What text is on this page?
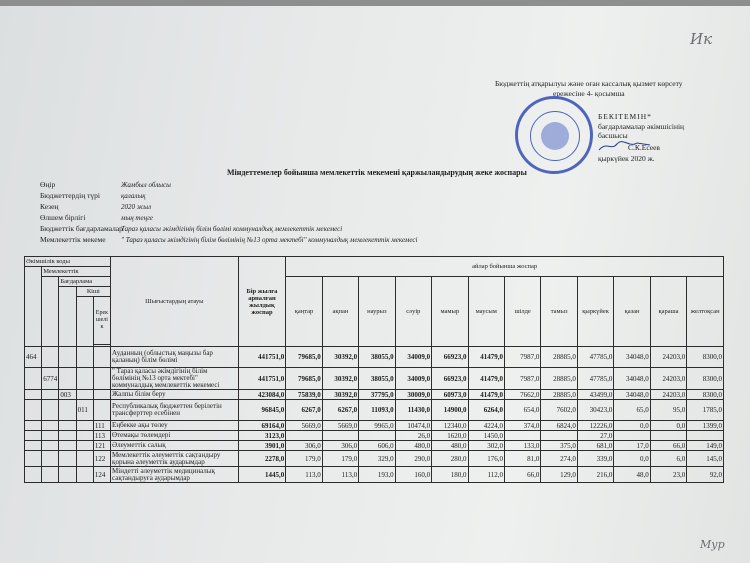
Ик
Бюджеттің атқарылуы және оған кассалық қызмет көрсету
ережесіне 4- қосымша
БЕКІТЕМІН*
бағдарламалар әкімшісінің
басшысы
С.К.Есеев
қыркүйек 2020 ж.
Міндеттемелер бойынша мемлекеттік мекемені қаржыландырудың жеке жоспары
Өңір	Жамбыл облысы
Бюджеттердің түрі	қалалық
Кезең	2020 жыл
Өлшем бірлігі	мың теңге
Бюджеттік бағдарламалар
Тараз қаласы әкімдігінің білім бөлімі коммуналдық мемлекеттік мекемесі
Мемлекеттік мекеме " Тараз қаласы әкімдігінің білім бөлімінің №13 орта мектебі" коммуналдық мемлекеттік мекемесі
Әкімшілік коды					Шығыстардың атауы	Бір жылға арналған жылдық жоспар	айлар бойынша жоспар											
	Мемлекеттік																	
		Бағдарлама					қаңтар	ақпан	наурыз	сәуір	мамыр	маусым	шілде	тамыз	қыркүйек	қазан	қараша	желтоқсан
			Кіші															
				Ерекшелік														

464					Ауданның (облыстық маңызы бар қаланың) білім бөлімі	441751,0	79685,0	30392,0	38055,0	34009,0	66923,0	41479,0	7987,0	28885,0	47785,0	34048,0	24203,0	8300,0
	6774				" Тараз қаласы әкімдігінің білім бөлімінің №13 орта мектебі" коммуналдық мемлекеттік мекемесі	441751,0	79685,0	30392,0	38055,0	34009,0	66923,0	41479,0	7987,0	28885,0	47785,0	34048,0	24203,0	8300,0
		003			Жалпы білім беру	423084,0	75839,0	30392,0	37795,0	30009,0	60973,0	41479,0	7662,0	28885,0	43499,0	34048,0	24203,0	8300,0
			011		Республикалық бюджеттен берілетін трансферттер есебінен	96845,0	6267,0	6267,0	11093,0	11430,0	14900,0	6264,0	654,0	7602,0	30423,0	65,0	95,0	1785,0
				111	Еңбекке ақы төлеу	69164,0	5669,0	5669,0	9965,0	10474,0	12340,0	4224,0	374,0	6824,0	12226,0	0,0	0,0	1399,0
				113	Өтемақы төлемдері	3123,0				26,0	1620,0	1450,0			27,0			
				121	Әлеуметтік салық	3901,0	306,0	306,0	606,0	480,0	480,0	302,0	133,0	375,0	681,0	17,0	66,0	149,0
				122	Мемлекеттік әлеуметтік сақтандыру қорына әлеуметтік аударымдар	2278,0	179,0	179,0	329,0	290,0	280,0	176,0	81,0	274,0	339,0	0,0	6,0	145,0
				124	Міндетті әлеуметтік медициналық сақтандыруға аударымдар	1445,0	113,0	113,0	193,0	160,0	180,0	112,0	66,0	129,0	216,0	48,0	23,0	92,0
Мур
